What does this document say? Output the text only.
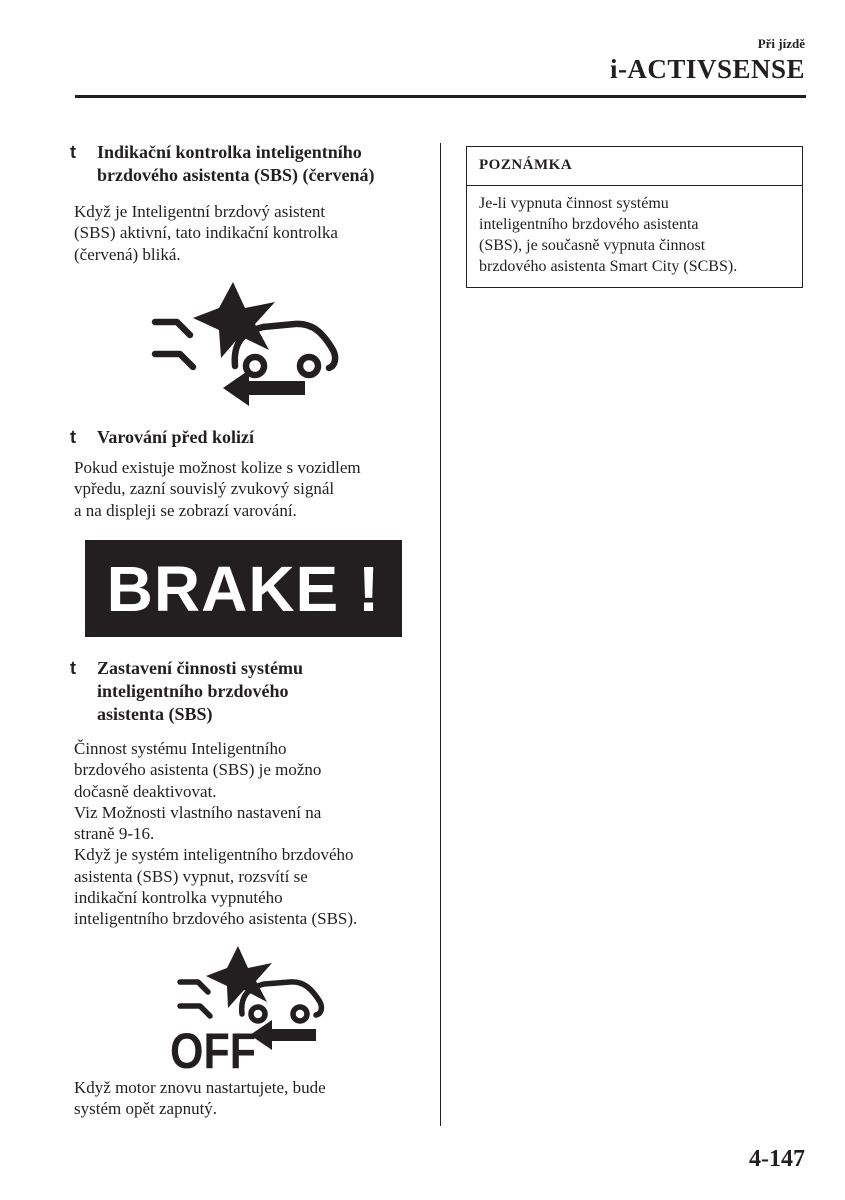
Při jízdě
i-ACTIVSENSE
t Indikační kontrolka inteligentního
brzdového asistenta (SBS) (červená)
Když je Inteligentní brzdový asistent
(SBS) aktivní, tato indikační kontrolka
(červená) bliká.
t Varování před kolizí
Pokud existuje možnost kolize s vozidlem
vpředu, zazní souvislý zvukový signál
a na displeji se zobrazí varování.
BRAKE !
t Zastavení činnosti systému
inteligentního brzdového
asistenta (SBS)
Činnost systému Inteligentního
brzdového asistenta (SBS) je možno
dočasně deaktivovat.
Viz Možnosti vlastního nastavení na
straně 9-16.
Když je systém inteligentního brzdového
asistenta (SBS) vypnut, rozsvítí se
indikační kontrolka vypnutého
inteligentního brzdového asistenta (SBS).
OFF
Když motor znovu nastartujete, bude
systém opět zapnutý.
POZNÁMKA
Je-li vypnuta činnost systému
inteligentního brzdového asistenta
(SBS), je současně vypnuta činnost
brzdového asistenta Smart City (SCBS).
4-147
